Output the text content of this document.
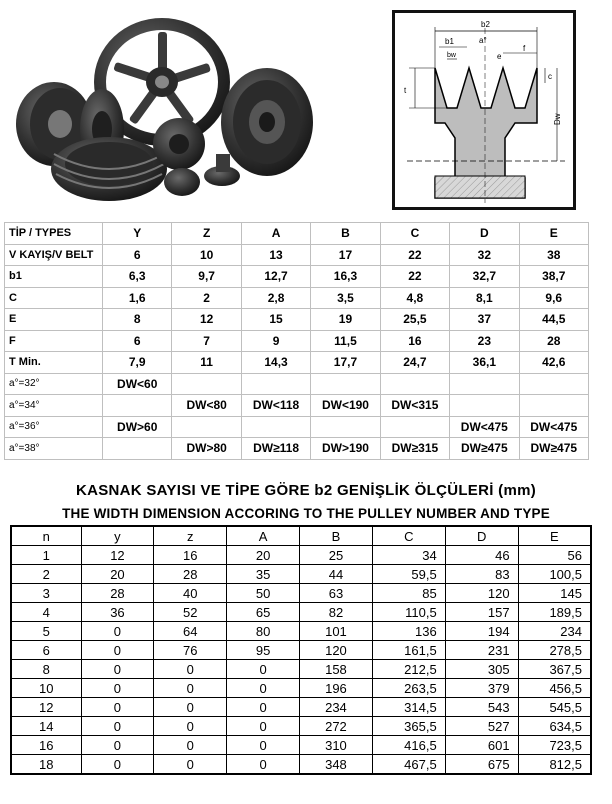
b2
a°
b1
bw	e
f
c
t
Dw
TİP / TYPES	Y	Z	A	B	C	D	E
V KAYIŞ/V BELT	6	10	13	17	22	32	38
b1	6,3	9,7	12,7	16,3	22	32,7	38,7
C	1,6	2	2,8	3,5	4,8	8,1	9,6
E	8	12	15	19	25,5	37	44,5
F	6	7	9	11,5	16	23	28
T Min.	7,9	11	14,3	17,7	24,7	36,1	42,6
a°=32°	DW<60						
a°=34°		DW<80	DW<118	DW<190	DW<315		
a°=36°	DW>60					DW<475	DW<475
a°=38°		DW>80	DW≥118	DW>190	DW≥315	DW≥475	DW≥475
KASNAK SAYISI VE TİPE GÖRE b2 GENİŞLİK ÖLÇÜLERİ (mm)
THE WIDTH DIMENSION ACCORING TO THE PULLEY NUMBER AND TYPE
n	y	z	A	B	C	D	E
1	12	16	20	25	34	46	56
2	20	28	35	44	59,5	83	100,5
3	28	40	50	63	85	120	145
4	36	52	65	82	110,5	157	189,5
5	0	64	80	101	136	194	234
6	0	76	95	120	161,5	231	278,5
8	0	0	0	158	212,5	305	367,5
10	0	0	0	196	263,5	379	456,5
12	0	0	0	234	314,5	543	545,5
14	0	0	0	272	365,5	527	634,5
16	0	0	0	310	416,5	601	723,5
18	0	0	0	348	467,5	675	812,5
